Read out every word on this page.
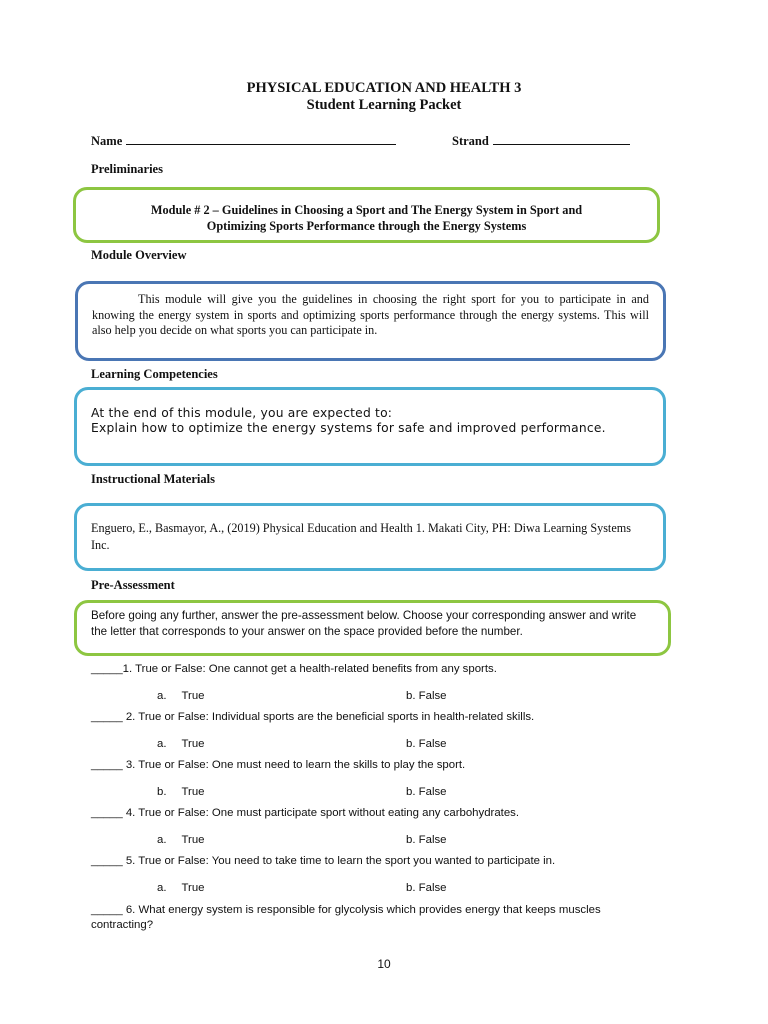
PHYSICAL EDUCATION AND HEALTH 3
Student Learning Packet
Name	Strand
Preliminaries
Module # 2 – Guidelines in Choosing a Sport and The Energy System in Sport and
Optimizing Sports Performance through the Energy Systems
Module Overview
This module will give you the guidelines in choosing the right sport for you to participate in and knowing the energy system in sports and optimizing sports performance through the energy systems. This will also help you decide on what sports you can participate in.
Learning Competencies
At the end of this module, you are expected to:
Explain how to optimize the energy systems for safe and improved performance.
Instructional Materials
Enguero, E., Basmayor, A., (2019) Physical Education and Health 1. Makati City, PH: Diwa Learning Systems Inc.
Pre-Assessment
Before going any further, answer the pre-assessment below. Choose your corresponding answer and write the letter that corresponds to your answer on the space provided before the number.
_____1. True or False: One cannot get a health-related benefits from any sports.
a. True	b. False
_____ 2. True or False: Individual sports are the beneficial sports in health-related skills.
a. True	b. False
_____ 3. True or False: One must need to learn the skills to play the sport.
b. True	b. False
_____ 4. True or False: One must participate sport without eating any carbohydrates.
a. True	b. False
_____ 5. True or False: You need to take time to learn the sport you wanted to participate in.
a. True	b. False
_____ 6. What energy system is responsible for glycolysis which provides energy that keeps muscles contracting?
10
